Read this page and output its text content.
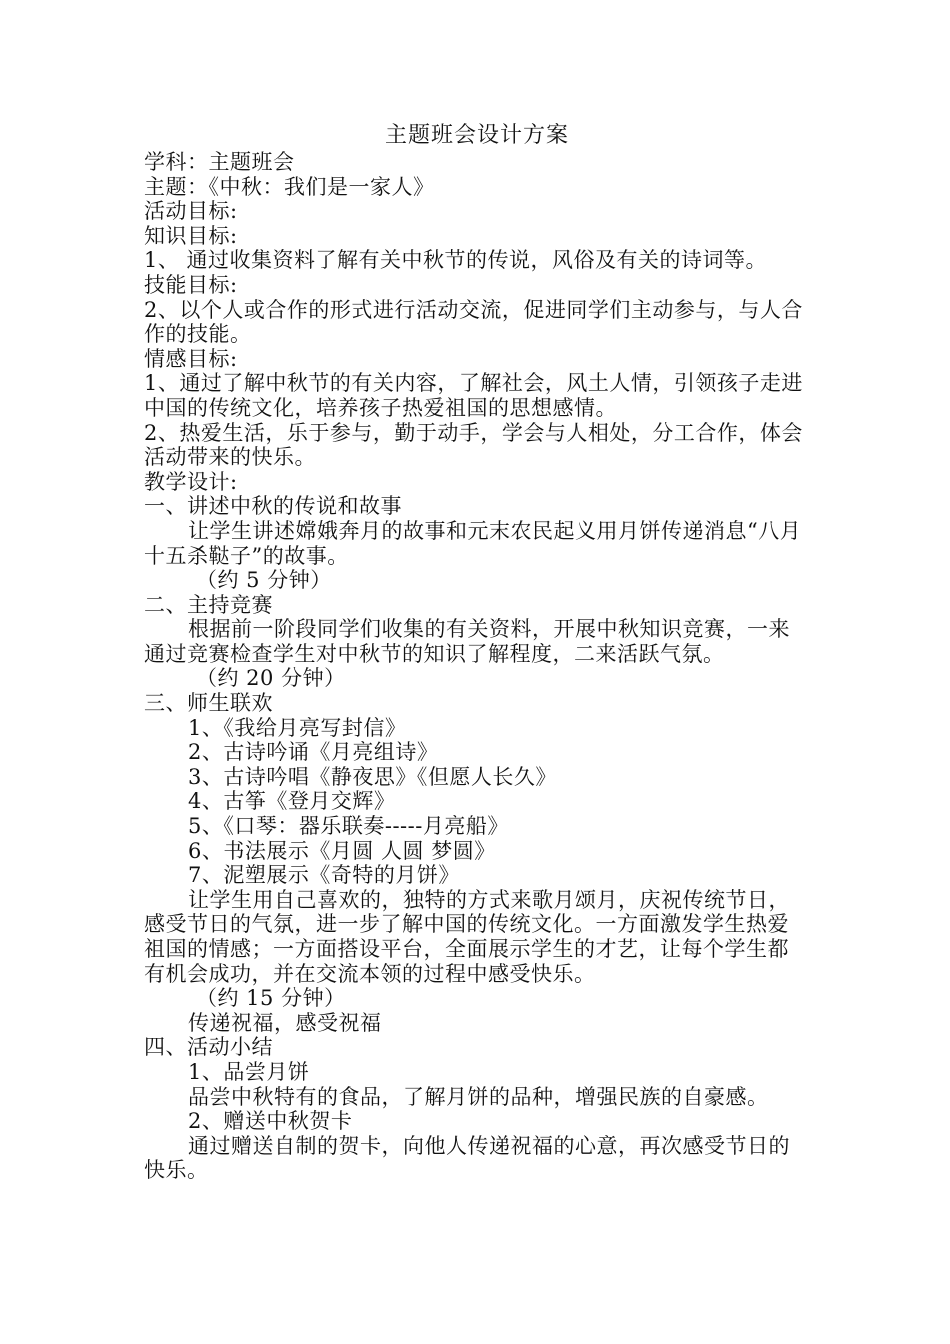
主题班会设计方案
学科：主题班会
主题：《中秋：我们是一家人》
活动目标:
知识目标:
1、 通过收集资料了解有关中秋节的传说，风俗及有关的诗词等。
技能目标:
2、以个人或合作的形式进行活动交流，促进同学们主动参与，与人合作的技能。
情感目标:
1、通过了解中秋节的有关内容，了解社会，风土人情，引领孩子走进中国的传统文化，培养孩子热爱祖国的思想感情。
2、热爱生活，乐于参与，勤于动手，学会与人相处，分工合作，体会活动带来的快乐。
教学设计:
一、讲述中秋的传说和故事
让学生讲述嫦娥奔月的故事和元末农民起义用月饼传递消息“八月十五杀鞑子”的故事。
（约 5 分钟）
二、主持竞赛
根据前一阶段同学们收集的有关资料，开展中秋知识竞赛，一来通过竞赛检查学生对中秋节的知识了解程度，二来活跃气氛。
（约 20 分钟）
三、师生联欢
1、《我给月亮写封信》
2、古诗吟诵《月亮组诗》
3、古诗吟唱《静夜思》《但愿人长久》
4、古筝《登月交辉》
5、《口琴：器乐联奏-----月亮船》
6、书法展示《月圆 人圆 梦圆》
7、泥塑展示《奇特的月饼》
让学生用自己喜欢的，独特的方式来歌月颂月，庆祝传统节日，感受节日的气氛，进一步了解中国的传统文化。一方面激发学生热爱祖国的情感；一方面搭设平台，全面展示学生的才艺，让每个学生都有机会成功，并在交流本领的过程中感受快乐。
（约 15 分钟）
传递祝福，感受祝福
四、活动小结
1、品尝月饼
品尝中秋特有的食品，了解月饼的品种，增强民族的自豪感。
2、赠送中秋贺卡
通过赠送自制的贺卡，向他人传递祝福的心意，再次感受节日的快乐。
